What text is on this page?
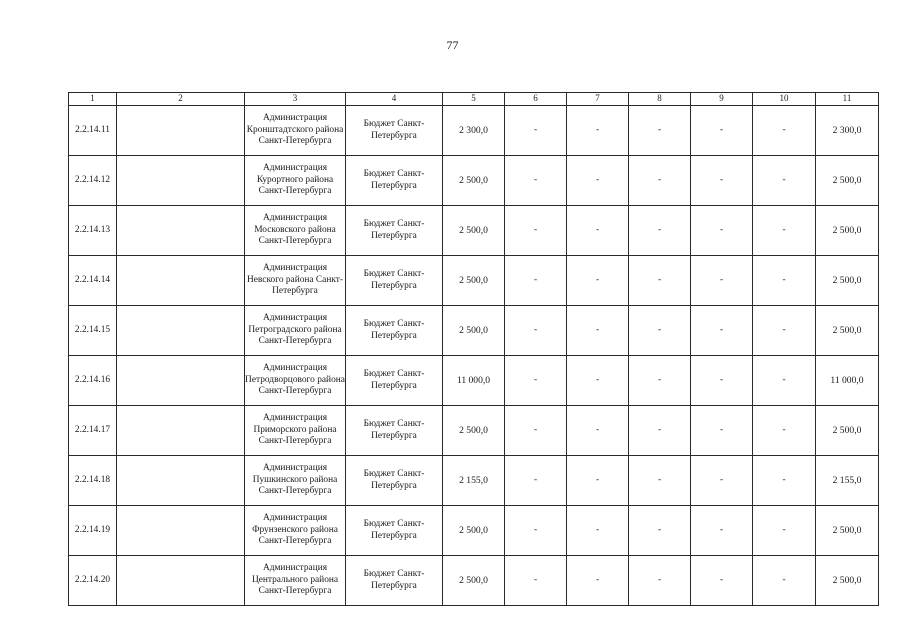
77
1	2	3	4	5	6	7	8	9	10	11
2.2.14.11		Администрация Кронштадтского района Санкт-Петербурга	Бюджет Санкт-Петербурга	2 300,0	-	-	-	-	-	2 300,0
2.2.14.12		Администрация Курортного района Санкт-Петербурга	Бюджет Санкт-Петербурга	2 500,0	-	-	-	-	-	2 500,0
2.2.14.13		Администрация Московского района Санкт-Петербурга	Бюджет Санкт-Петербурга	2 500,0	-	-	-	-	-	2 500,0
2.2.14.14		Администрация Невского района Санкт-Петербурга	Бюджет Санкт-Петербурга	2 500,0	-	-	-	-	-	2 500,0
2.2.14.15		Администрация Петроградского района Санкт-Петербурга	Бюджет Санкт-Петербурга	2 500,0	-	-	-	-	-	2 500,0
2.2.14.16		Администрация Петродворцового района Санкт-Петербурга	Бюджет Санкт-Петербурга	11 000,0	-	-	-	-	-	11 000,0
2.2.14.17		Администрация Приморского района Санкт-Петербурга	Бюджет Санкт-Петербурга	2 500,0	-	-	-	-	-	2 500,0
2.2.14.18		Администрация Пушкинского района Санкт-Петербурга	Бюджет Санкт-Петербурга	2 155,0	-	-	-	-	-	2 155,0
2.2.14.19		Администрация Фрунзенского района Санкт-Петербурга	Бюджет Санкт-Петербурга	2 500,0	-	-	-	-	-	2 500,0
2.2.14.20		Администрация Центрального района Санкт-Петербурга	Бюджет Санкт-Петербурга	2 500,0	-	-	-	-	-	2 500,0
